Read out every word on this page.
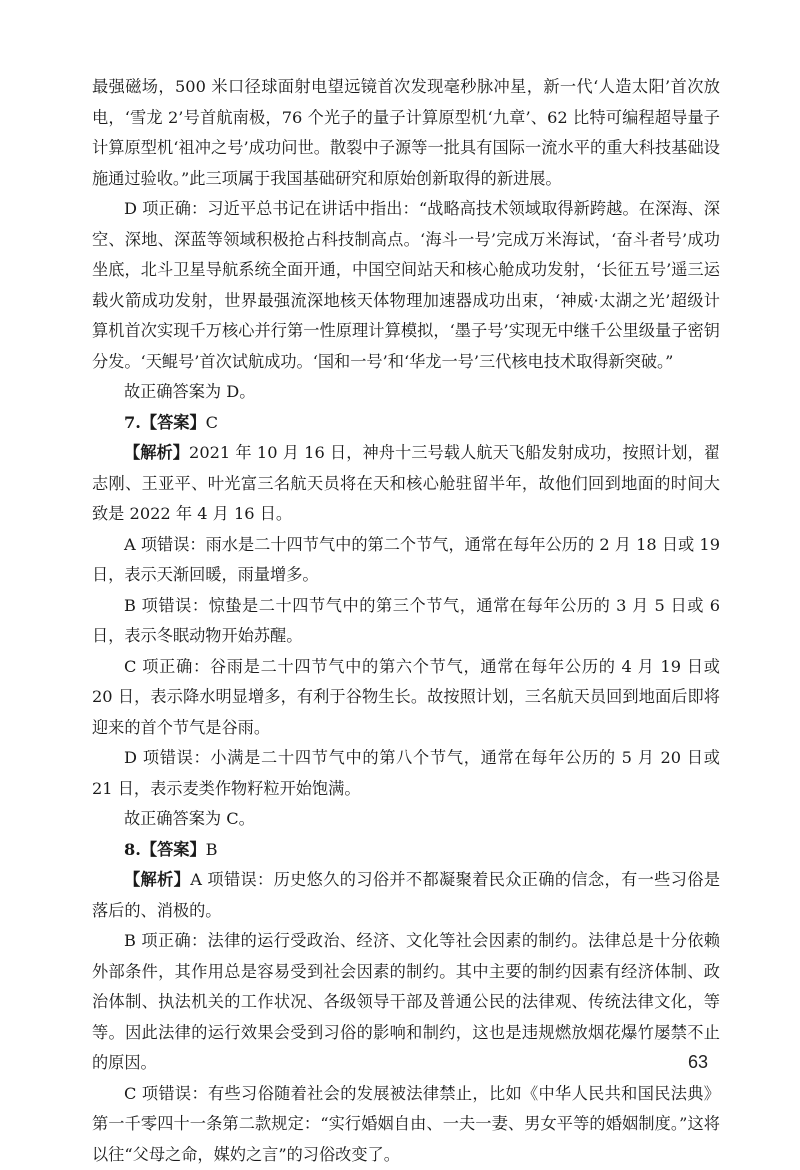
最强磁场，500 米口径球面射电望远镜首次发现毫秒脉冲星，新一代‘人造太阳’首次放电，‘雪龙 2’号首航南极，76 个光子的量子计算原型机‘九章’、62 比特可编程超导量子计算原型机‘祖冲之号’成功问世。散裂中子源等一批具有国际一流水平的重大科技基础设施通过验收。”此三项属于我国基础研究和原始创新取得的新进展。

D 项正确：习近平总书记在讲话中指出：“战略高技术领域取得新跨越。在深海、深空、深地、深蓝等领域积极抢占科技制高点。‘海斗一号’完成万米海试，‘奋斗者号’成功坐底，北斗卫星导航系统全面开通，中国空间站天和核心舱成功发射，‘长征五号’遥三运载火箭成功发射，世界最强流深地核天体物理加速器成功出束，‘神威·太湖之光’超级计算机首次实现千万核心并行第一性原理计算模拟，‘墨子号’实现无中继千公里级量子密钥分发。‘天鲲号’首次试航成功。‘国和一号’和‘华龙一号’三代核电技术取得新突破。”

故正确答案为 D。

7.【答案】C

【解析】2021 年 10 月 16 日，神舟十三号载人航天飞船发射成功，按照计划，翟志刚、王亚平、叶光富三名航天员将在天和核心舱驻留半年，故他们回到地面的时间大致是 2022 年 4 月 16 日。

A 项错误：雨水是二十四节气中的第二个节气，通常在每年公历的 2 月 18 日或 19 日，表示天渐回暖，雨量增多。

B 项错误：惊蛰是二十四节气中的第三个节气，通常在每年公历的 3 月 5 日或 6 日，表示冬眠动物开始苏醒。

C 项正确：谷雨是二十四节气中的第六个节气，通常在每年公历的 4 月 19 日或 20 日，表示降水明显增多，有利于谷物生长。故按照计划，三名航天员回到地面后即将迎来的首个节气是谷雨。

D 项错误：小满是二十四节气中的第八个节气，通常在每年公历的 5 月 20 日或 21 日，表示麦类作物籽粒开始饱满。

故正确答案为 C。

8.【答案】B

【解析】A 项错误：历史悠久的习俗并不都凝聚着民众正确的信念，有一些习俗是落后的、消极的。

B 项正确：法律的运行受政治、经济、文化等社会因素的制约。法律总是十分依赖外部条件，其作用总是容易受到社会因素的制约。其中主要的制约因素有经济体制、政治体制、执法机关的工作状况、各级领导干部及普通公民的法律观、传统法律文化，等等。因此法律的运行效果会受到习俗的影响和制约，这也是违规燃放烟花爆竹屡禁不止的原因。

C 项错误：有些习俗随着社会的发展被法律禁止，比如《中华人民共和国民法典》第一千零四十一条第二款规定：“实行婚姻自由、一夫一妻、男女平等的婚姻制度。”这将以往“父母之命，媒妁之言”的习俗改变了。

63
